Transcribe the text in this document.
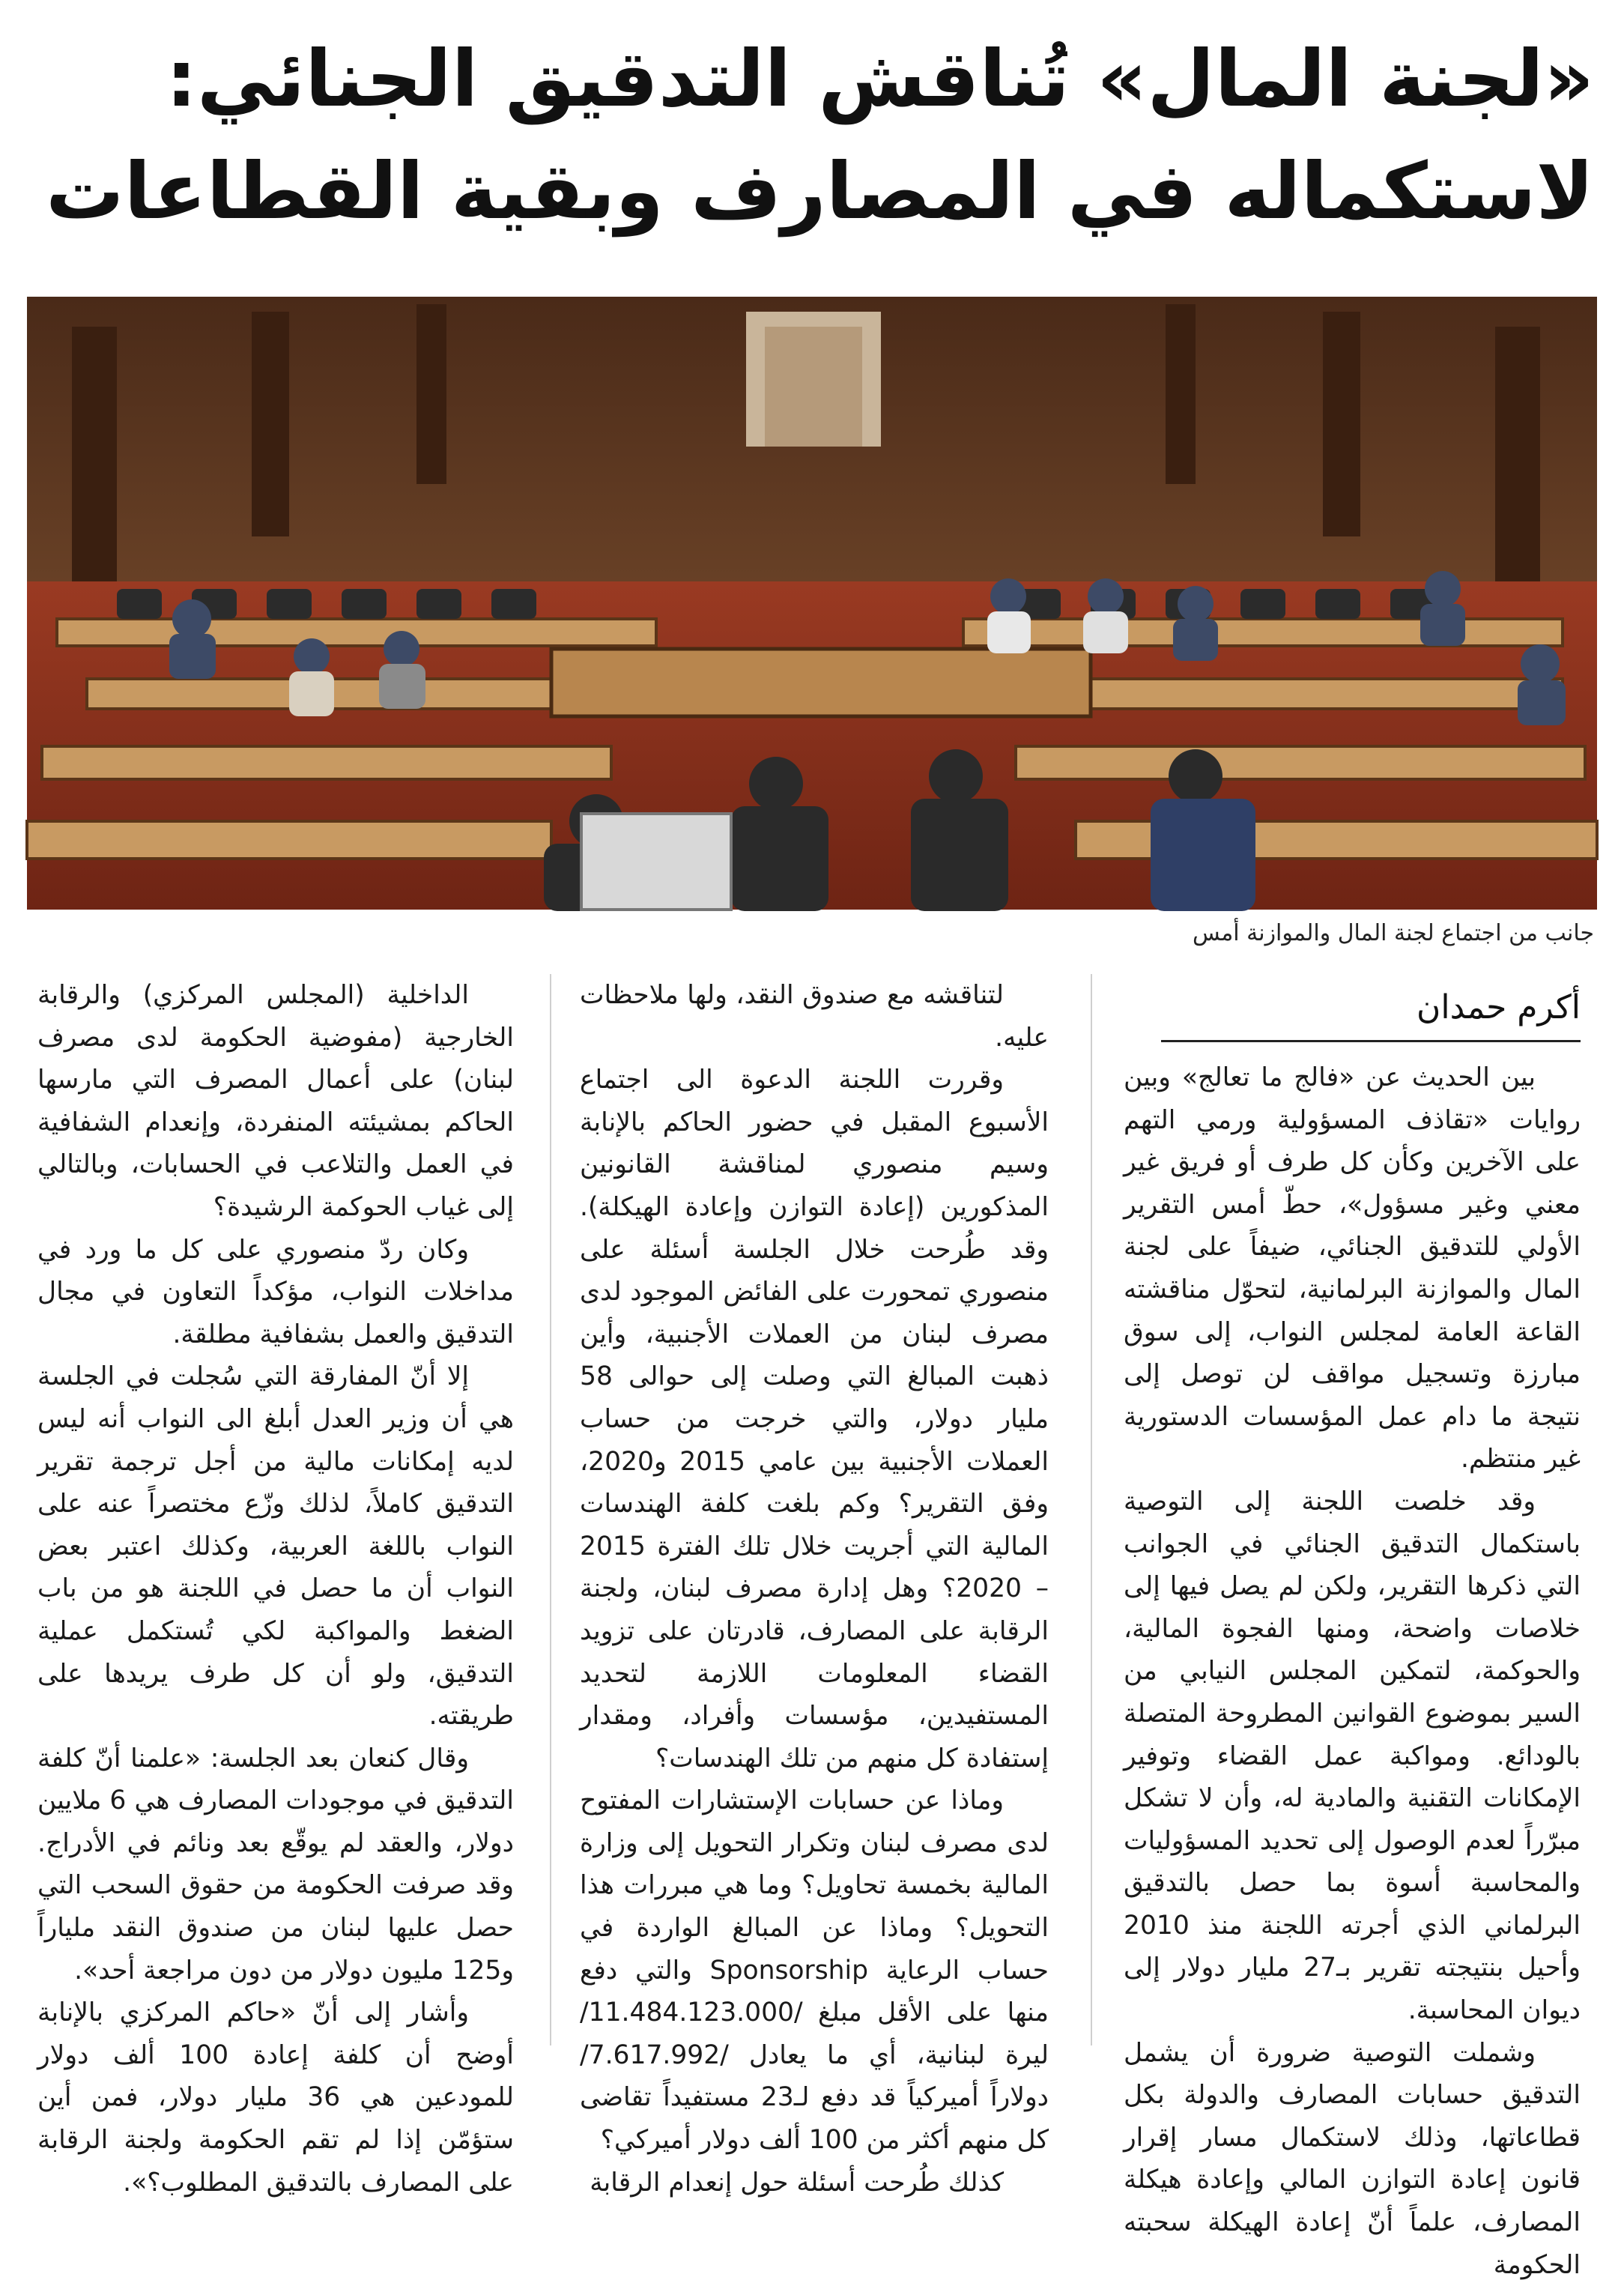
«لجنة المال» تُناقش التدقيق الجنائي:
لاستكماله في المصارف وبقية القطاعات
جانب من اجتماع لجنة المال والموازنة أمس
أكرم حمدان

بين الحديث عن «فالج ما تعالج» وبين روايات «تقاذف المسؤولية ورمي التهم على الآخرين وكأن كل طرف أو فريق غير معني وغير مسؤول»، حطّ أمس التقرير الأولي للتدقيق الجنائي، ضيفاً على لجنة المال والموازنة البرلمانية، لتحوّل مناقشته القاعة العامة لمجلس النواب، إلى سوق مبارزة وتسجيل مواقف لن توصل إلى نتيجة ما دام عمل المؤسسات الدستورية غير منتظم.

وقد خلصت اللجنة إلى التوصية باستكمال التدقيق الجنائي في الجوانب التي ذكرها التقرير، ولكن لم يصل فيها إلى خلاصات واضحة، ومنها الفجوة المالية، والحوكمة، لتمكين المجلس النيابي من السير بموضوع القوانين المطروحة المتصلة بالودائع. ومواكبة عمل القضاء وتوفير الإمكانات التقنية والمادية له، وأن لا تشكل مبرّراً لعدم الوصول إلى تحديد المسؤوليات والمحاسبة أسوة بما حصل بالتدقيق البرلماني الذي أجرته اللجنة منذ 2010 وأحيل بنتيجته تقرير بـ27 مليار دولار إلى ديوان المحاسبة.

وشملت التوصية ضرورة أن يشمل التدقيق حسابات المصارف والدولة بكل قطاعاتها، وذلك لاستكمال مسار إقرار قانون إعادة التوازن المالي وإعادة هيكلة المصارف، علماً أنّ إعادة الهيكلة سحبته الحكومة

لتناقشه مع صندوق النقد، ولها ملاحظات عليه.

وقررت اللجنة الدعوة الى اجتماع الأسبوع المقبل في حضور الحاكم بالإنابة وسيم منصوري لمناقشة القانونين المذكورين (إعادة التوازن وإعادة الهيكلة). وقد طُرحت خلال الجلسة أسئلة على منصوري تمحورت على الفائض الموجود لدى مصرف لبنان من العملات الأجنبية، وأين ذهبت المبالغ التي وصلت إلى حوالى 58 مليار دولار، والتي خرجت من حساب العملات الأجنبية بين عامي 2015 و2020، وفق التقرير؟ وكم بلغت كلفة الهندسات المالية التي أجريت خلال تلك الفترة 2015 – 2020؟ وهل إدارة مصرف لبنان، ولجنة الرقابة على المصارف، قادرتان على تزويد القضاء المعلومات اللازمة لتحديد المستفيدين، مؤسسات وأفراد، ومقدار إستفادة كل منهم من تلك الهندسات؟

وماذا عن حسابات الإستشارات المفتوح لدى مصرف لبنان وتكرار التحويل إلى وزارة المالية بخمسة تحاويل؟ وما هي مبررات هذا التحويل؟ وماذا عن المبالغ الواردة في حساب الرعاية Sponsorship والتي دفع منها على الأقل مبلغ /11.484.123.000/ ليرة لبنانية، أي ما يعادل /7.617.992/ دولاراً أميركياً قد دفع لـ23 مستفيداً تقاضى كل منهم أكثر من 100 ألف دولار أميركي؟

كذلك طُرحت أسئلة حول إنعدام الرقابة

الداخلية (المجلس المركزي) والرقابة الخارجية (مفوضية الحكومة لدى مصرف لبنان) على أعمال المصرف التي مارسها الحاكم بمشيئته المنفردة، وإنعدام الشفافية في العمل والتلاعب في الحسابات، وبالتالي إلى غياب الحوكمة الرشيدة؟

وكان ردّ منصوري على كل ما ورد في مداخلات النواب، مؤكداً التعاون في مجال التدقيق والعمل بشفافية مطلقة.

إلا أنّ المفارقة التي سُجلت في الجلسة هي أن وزير العدل أبلغ الى النواب أنه ليس لديه إمكانات مالية من أجل ترجمة تقرير التدقيق كاملاً، لذلك وزّع مختصراً عنه على النواب باللغة العربية، وكذلك اعتبر بعض النواب أن ما حصل في اللجنة هو من باب الضغط والمواكبة لكي تُستكمل عملية التدقيق، ولو أن كل طرف يريدها على طريقته.

وقال كنعان بعد الجلسة: «علمنا أنّ كلفة التدقيق في موجودات المصارف هي 6 ملايين دولار، والعقد لم يوقّع بعد ونائم في الأدراج. وقد صرفت الحكومة من حقوق السحب التي حصل عليها لبنان من صندوق النقد ملياراً و125 مليون دولار من دون مراجعة أحد».

وأشار إلى أنّ «حاكم المركزي بالإنابة أوضح أن كلفة إعادة 100 ألف دولار للمودعين هي 36 مليار دولار، فمن أين ستؤمّن إذا لم تقم الحكومة ولجنة الرقابة على المصارف بالتدقيق المطلوب؟».
